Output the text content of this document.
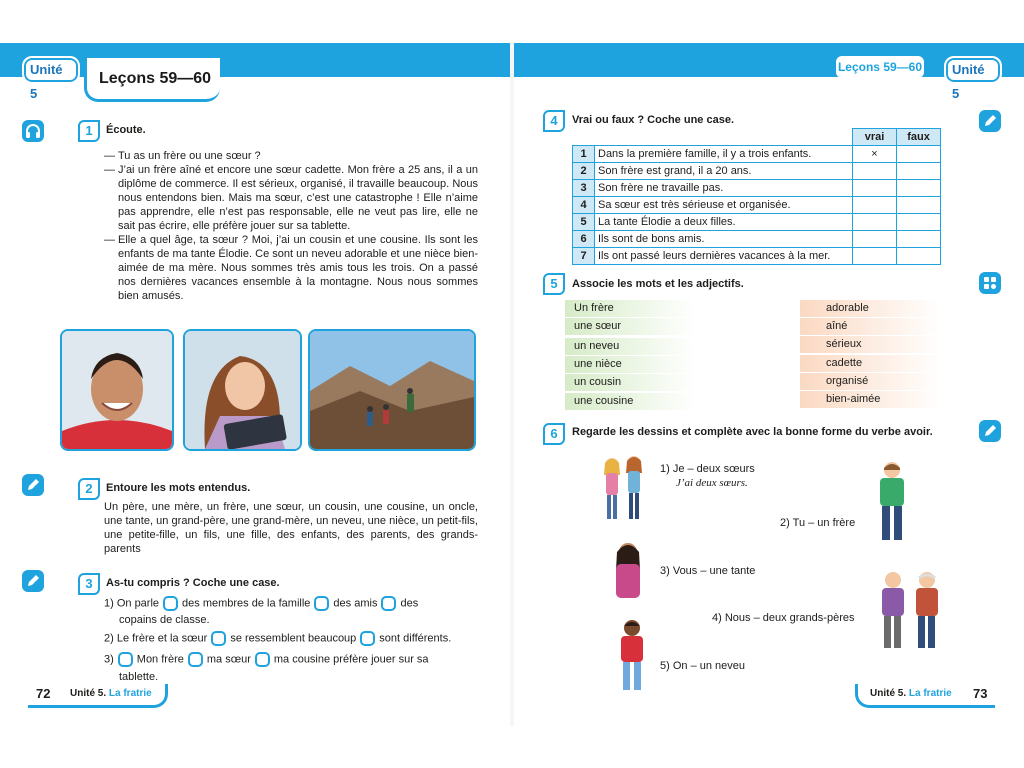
Unité 5
Leçons 59—60
Leçons 59—60	Unité 5
1	Écoute.
— Tu as un frère ou une sœur ?
— J’ai un frère aîné et encore une sœur cadette. Mon frère a 25 ans, il a un diplôme de commerce. Il est sérieux, organisé, il travaille beaucoup. Nous nous entendons bien. Mais ma sœur, c’est une catastrophe ! Elle n’aime pas apprendre, elle n’est pas responsable, elle ne veut pas lire, elle ne sait pas écrire, elle préfère jouer sur sa tablette.
— Elle a quel âge, ta sœur ? Moi, j’ai un cousin et une cousine. Ils sont les enfants de ma tante Élodie. Ce sont un neveu adorable et une nièce bien-aimée de ma mère. Nous sommes très amis tous les trois. On a passé nos dernières vacances ensemble à la montagne. Nous nous sommes bien amusés.
2	Entoure les mots entendus.
Un père, une mère, un frère, une sœur, un cousin, une cousine, un oncle, une tante, un grand-père, une grand-mère, un neveu, une nièce, un petit-fils, une petite-fille, un fils, une fille, des enfants, des parents, des grands-parents
3	As-tu compris ? Coche une case.
1) On parle des membres de la famille des amis des
copains de classe.
2) Le frère et la sœur se ressemblent beaucoup sont différents.
3) Mon frère ma sœur ma cousine préfère jouer sur sa
tablette.
4	Vrai ou faux ? Coche une case.
		vrai	faux
1	Dans la première famille, il y a trois enfants.	×	
2	Son frère est grand, il a 20 ans.		
3	Son frère ne travaille pas.		
4	Sa sœur est très sérieuse et organisée.		
5	La tante Élodie a deux filles.		
6	Ils sont de bons amis.		
7	Ils ont passé leurs dernières vacances à la mer.		
5	Associe les mots et les adjectifs.
Un frère
une sœur
un neveu
une nièce
un cousin
une cousine
adorable
aîné
sérieux
cadette
organisé
bien-aimée
6	Regarde les dessins et complète avec la bonne forme du verbe avoir.
1) Je – deux sœurs
J’ai deux sœurs.
2) Tu – un frère
3) Vous – une tante
4) Nous – deux grands-pères
5) On – un neveu
72 Unité 5. La fratrie	Unité 5. La fratrie 73
